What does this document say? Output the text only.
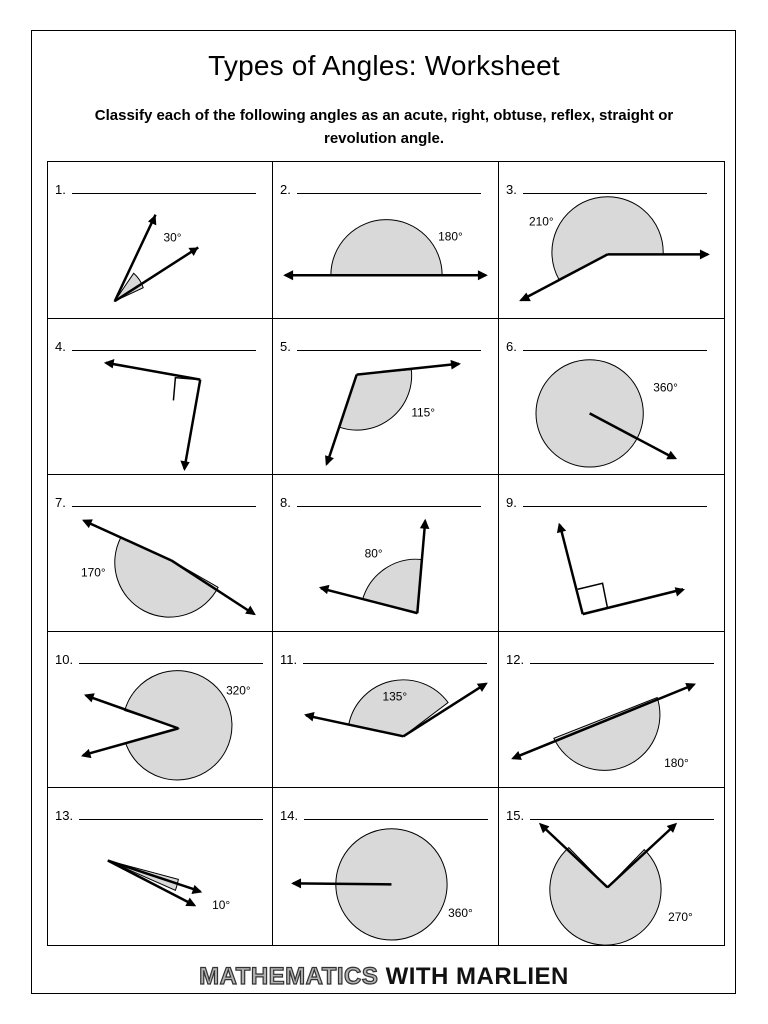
Types of Angles: Worksheet
Classify each of the following angles as an acute, right, obtuse, reflex, straight or revolution angle.
1.
30°
2.
180°
3.
210°
4.	5.
115°
6.
360°
7.
170°
8.
80°
9.
10.
320°
11.
135°
12.
180°
13.
10°
14.
360°
15.
270°
MATHEMATICS WITH MARLIEN
